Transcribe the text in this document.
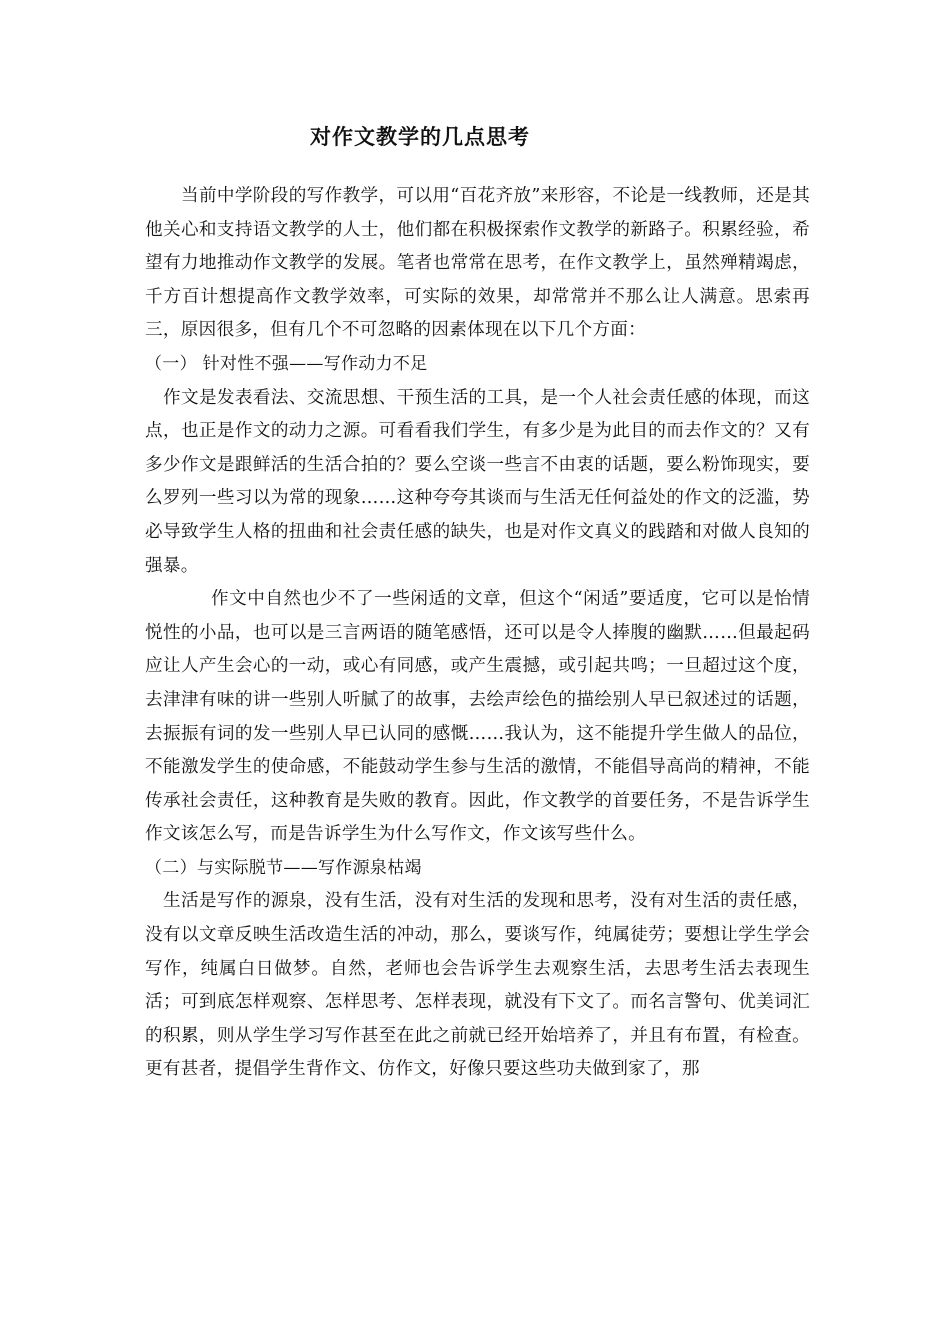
对作文教学的几点思考

当前中学阶段的写作教学，可以用“百花齐放”来形容，不论是一线教师，还是其他关心和支持语文教学的人士，他们都在积极探索作文教学的新路子。积累经验，希望有力地推动作文教学的发展。笔者也常常在思考，在作文教学上，虽然殚精竭虑，千方百计想提高作文教学效率，可实际的效果，却常常并不那么让人满意。思索再三，原因很多，但有几个不可忽略的因素体现在以下几个方面：

（一） 针对性不强——写作动力不足

作文是发表看法、交流思想、干预生活的工具，是一个人社会责任感的体现，而这点，也正是作文的动力之源。可看看我们学生，有多少是为此目的而去作文的？又有多少作文是跟鲜活的生活合拍的？要么空谈一些言不由衷的话题，要么粉饰现实，要么罗列一些习以为常的现象……这种夸夸其谈而与生活无任何益处的作文的泛滥，势必导致学生人格的扭曲和社会责任感的缺失，也是对作文真义的践踏和对做人良知的强暴。

作文中自然也少不了一些闲适的文章，但这个“闲适”要适度，它可以是怡情悦性的小品，也可以是三言两语的随笔感悟，还可以是令人捧腹的幽默……但最起码应让人产生会心的一动，或心有同感，或产生震撼，或引起共鸣；一旦超过这个度，去津津有味的讲一些别人听腻了的故事，去绘声绘色的描绘别人早已叙述过的话题，去振振有词的发一些别人早已认同的感慨……我认为，这不能提升学生做人的品位，不能激发学生的使命感，不能鼓动学生参与生活的激情，不能倡导高尚的精神，不能传承社会责任，这种教育是失败的教育。因此，作文教学的首要任务，不是告诉学生作文该怎么写，而是告诉学生为什么写作文，作文该写些什么。

（二）与实际脱节——写作源泉枯竭

生活是写作的源泉，没有生活，没有对生活的发现和思考，没有对生活的责任感，没有以文章反映生活改造生活的冲动，那么，要谈写作，纯属徒劳；要想让学生学会写作，纯属白日做梦。自然，老师也会告诉学生去观察生活，去思考生活去表现生活；可到底怎样观察、怎样思考、怎样表现，就没有下文了。而名言警句、优美词汇的积累，则从学生学习写作甚至在此之前就已经开始培养了，并且有布置，有检查。更有甚者，提倡学生背作文、仿作文，好像只要这些功夫做到家了，那
